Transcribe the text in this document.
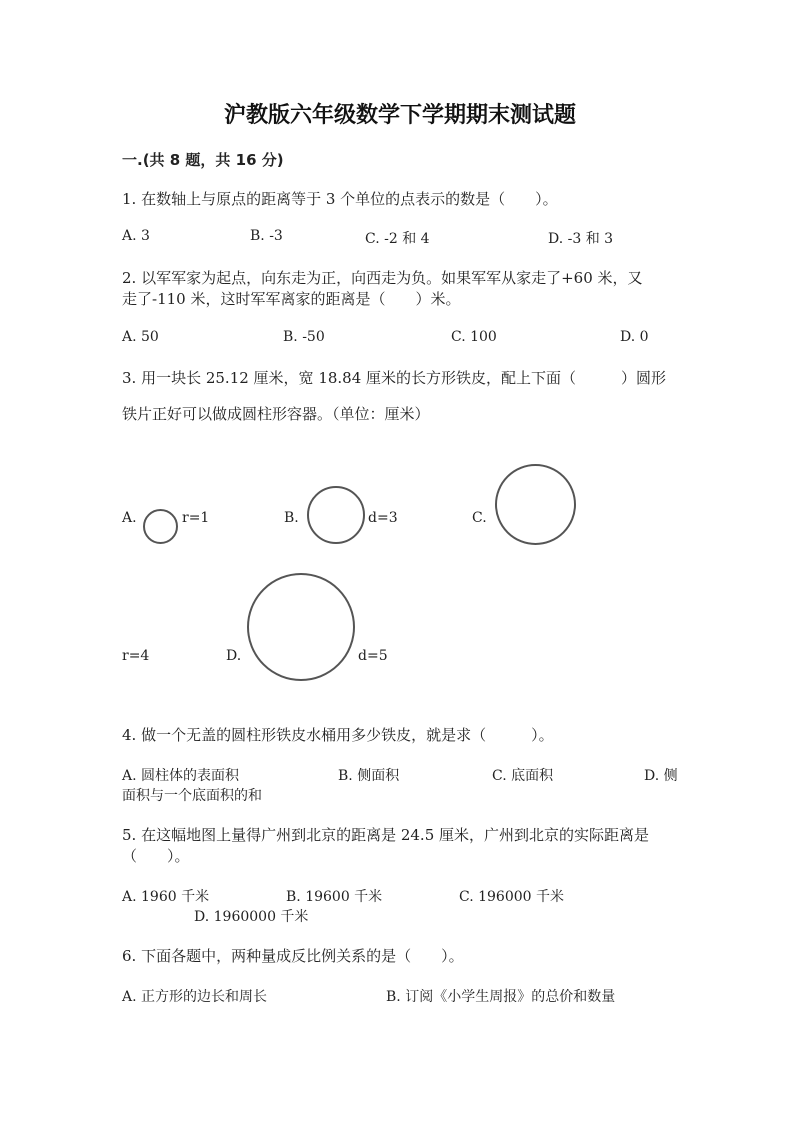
沪教版六年级数学下学期期末测试题
一.(共 8 题，共 16 分)
1. 在数轴上与原点的距离等于 3 个单位的点表示的数是（　　）。
A. 3	B. -3	C. -2 和 4	D. -3 和 3
2. 以军军家为起点，向东走为正，向西走为负。如果军军从家走了+60 米，又
走了-110 米，这时军军离家的距离是（　　）米。
A. 50	B. -50	C. 100	D. 0
3. 用一块长 25.12 厘米，宽 18.84 厘米的长方形铁皮，配上下面（　　　）圆形
铁片正好可以做成圆柱形容器。（单位：厘米）
A.	r=1	B.	d=3	C.
r=4	D.	d=5
4. 做一个无盖的圆柱形铁皮水桶用多少铁皮，就是求（　　　）。
A. 圆柱体的表面积	B. 侧面积	C. 底面积	D. 侧
面积与一个底面积的和
5. 在这幅地图上量得广州到北京的距离是 24.5 厘米，广州到北京的实际距离是
（　　）。
A. 1960 千米	B. 19600 千米	C. 196000 千米
D. 1960000 千米
6. 下面各题中，两种量成反比例关系的是（　　）。
A. 正方形的边长和周长	B. 订阅《小学生周报》的总价和数量
